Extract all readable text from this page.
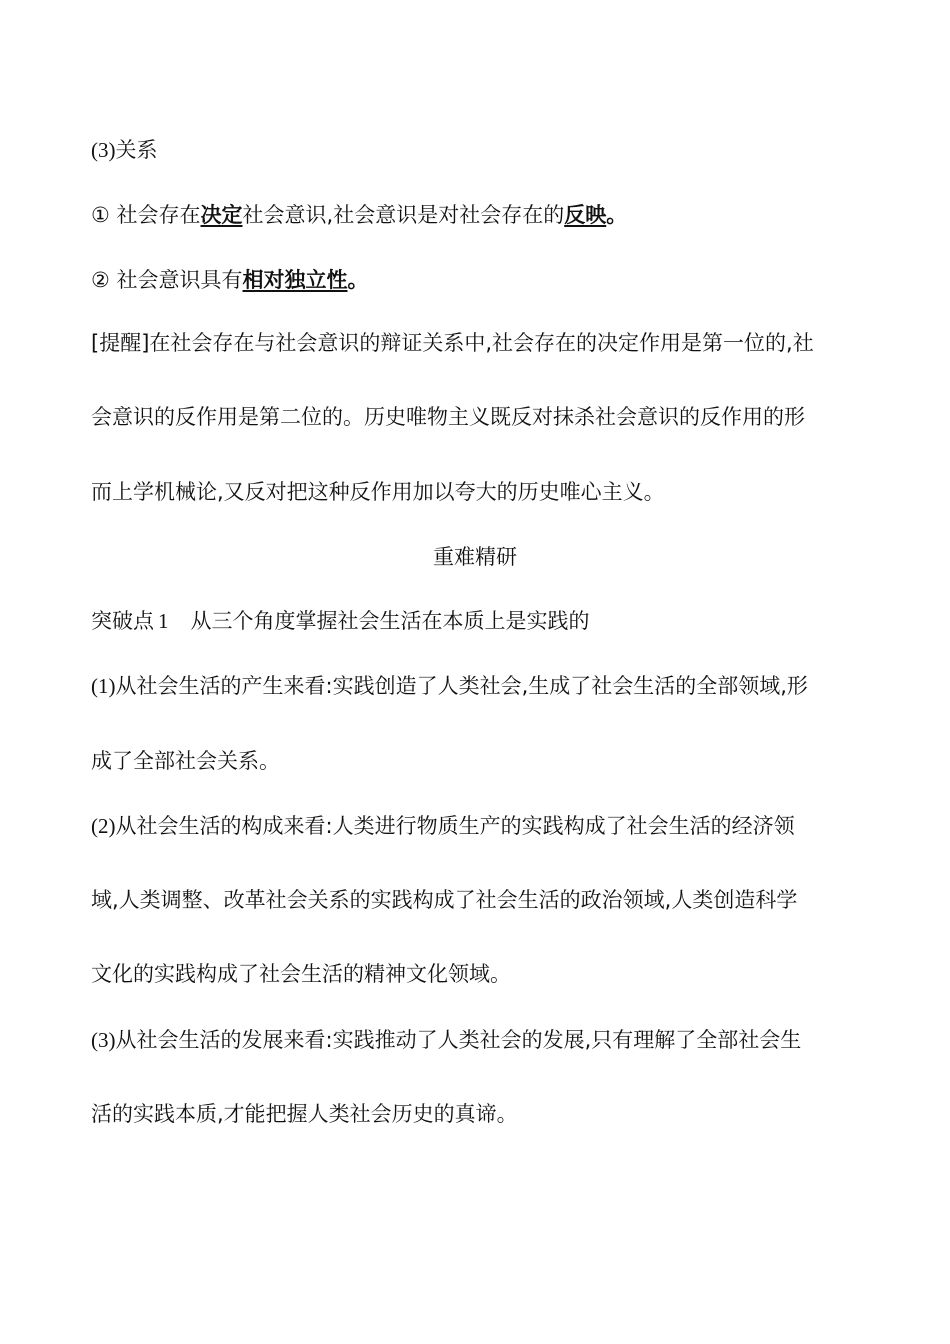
(3)关系
① 社会存在决定社会意识,社会意识是对社会存在的反映。
② 社会意识具有相对独立性。
[提醒]在社会存在与社会意识的辩证关系中,社会存在的决定作用是第一位的,社
会意识的反作用是第二位的。历史唯物主义既反对抹杀社会意识的反作用的形
而上学机械论,又反对把这种反作用加以夸大的历史唯心主义。
重难精研
突破点 1 从三个角度掌握社会生活在本质上是实践的
(1)从社会生活的产生来看:实践创造了人类社会,生成了社会生活的全部领域,形
成了全部社会关系。
(2)从社会生活的构成来看:人类进行物质生产的实践构成了社会生活的经济领
域,人类调整、改革社会关系的实践构成了社会生活的政治领域,人类创造科学
文化的实践构成了社会生活的精神文化领域。
(3)从社会生活的发展来看:实践推动了人类社会的发展,只有理解了全部社会生
活的实践本质,才能把握人类社会历史的真谛。
